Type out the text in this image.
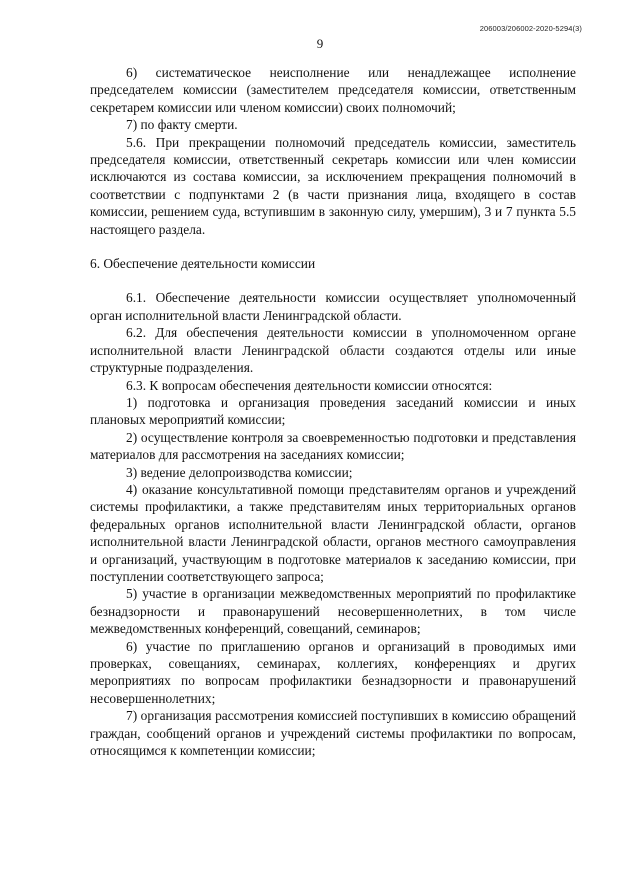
206003/206002-2020-5294(3)
9

6) систематическое неисполнение или ненадлежащее исполнение председателем комиссии (заместителем председателя комиссии, ответственным секретарем комиссии или членом комиссии) своих полномочий;

7) по факту смерти.

5.6. При прекращении полномочий председатель комиссии, заместитель председателя комиссии, ответственный секретарь комиссии или член комиссии исключаются из состава комиссии, за исключением прекращения полномочий в соответствии с подпунктами 2 (в части признания лица, входящего в состав комиссии, решением суда, вступившим в законную силу, умершим), 3 и 7 пункта 5.5 настоящего раздела.

6. Обеспечение деятельности комиссии

6.1. Обеспечение деятельности комиссии осуществляет уполномоченный орган исполнительной власти Ленинградской области.

6.2. Для обеспечения деятельности комиссии в уполномоченном органе исполнительной власти Ленинградской области создаются отделы или иные структурные подразделения.

6.3. К вопросам обеспечения деятельности комиссии относятся:

1) подготовка и организация проведения заседаний комиссии и иных плановых мероприятий комиссии;

2) осуществление контроля за своевременностью подготовки и представления материалов для рассмотрения на заседаниях комиссии;

3) ведение делопроизводства комиссии;

4) оказание консультативной помощи представителям органов и учреждений системы профилактики, а также представителям иных территориальных органов федеральных органов исполнительной власти Ленинградской области, органов исполнительной власти Ленинградской области, органов местного самоуправления и организаций, участвующим в подготовке материалов к заседанию комиссии, при поступлении соответствующего запроса;

5) участие в организации межведомственных мероприятий по профилактике безнадзорности и правонарушений несовершеннолетних, в том числе межведомственных конференций, совещаний, семинаров;

6) участие по приглашению органов и организаций в проводимых ими проверках, совещаниях, семинарах, коллегиях, конференциях и других мероприятиях по вопросам профилактики безнадзорности и правонарушений несовершеннолетних;

7) организация рассмотрения комиссией поступивших в комиссию обращений граждан, сообщений органов и учреждений системы профилактики по вопросам, относящимся к компетенции комиссии;
